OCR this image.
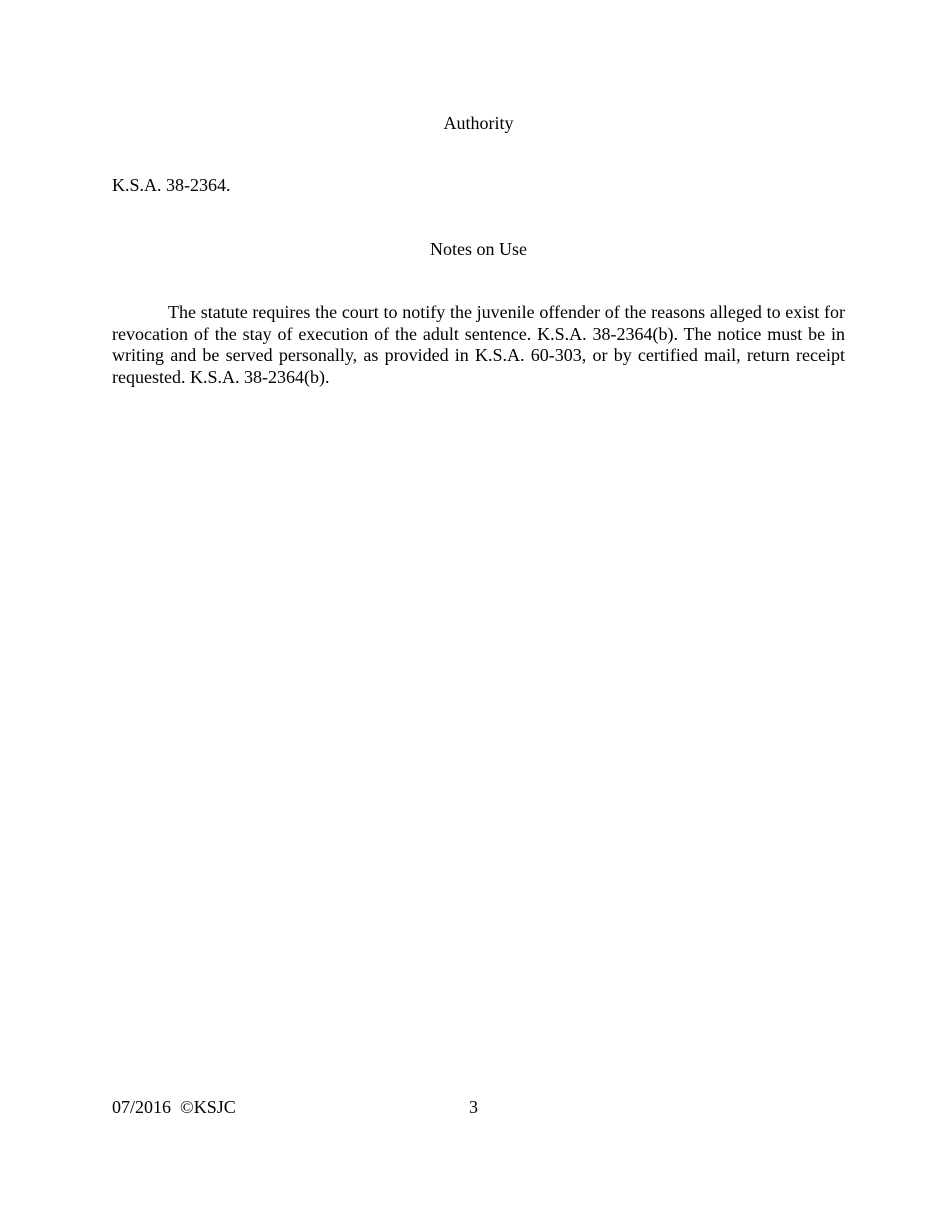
Authority

K.S.A. 38-2364.

Notes on Use

The statute requires the court to notify the juvenile offender of the reasons alleged to exist for revocation of the stay of execution of the adult sentence. K.S.A. 38-2364(b). The notice must be in writing and be served personally, as provided in K.S.A. 60-303, or by certified mail, return receipt requested. K.S.A. 38-2364(b).

07/2016 ©KSJC	3
